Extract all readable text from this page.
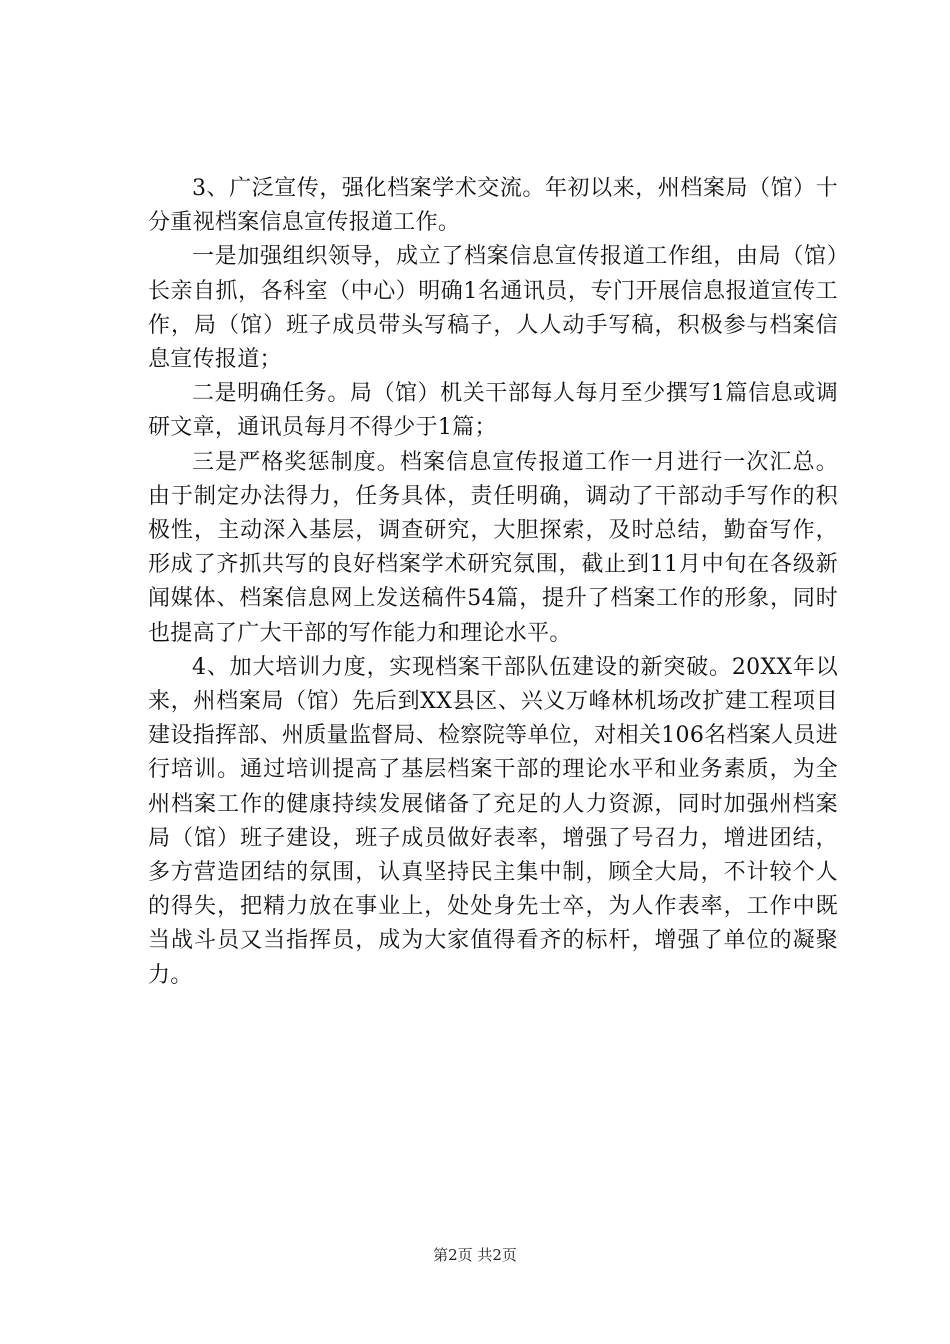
3、广泛宣传，强化档案学术交流。年初以来，州档案局（馆）十分重视档案信息宣传报道工作。

一是加强组织领导，成立了档案信息宣传报道工作组，由局（馆）长亲自抓，各科室（中心）明确1名通讯员，专门开展信息报道宣传工作，局（馆）班子成员带头写稿子，人人动手写稿，积极参与档案信息宣传报道；

二是明确任务。局（馆）机关干部每人每月至少撰写1篇信息或调研文章，通讯员每月不得少于1篇；

三是严格奖惩制度。档案信息宣传报道工作一月进行一次汇总。由于制定办法得力，任务具体，责任明确，调动了干部动手写作的积极性，主动深入基层，调查研究，大胆探索，及时总结，勤奋写作，形成了齐抓共写的良好档案学术研究氛围，截止到11月中旬在各级新闻媒体、档案信息网上发送稿件54篇，提升了档案工作的形象，同时也提高了广大干部的写作能力和理论水平。

4、加大培训力度，实现档案干部队伍建设的新突破。20XX年以来，州档案局（馆）先后到XX县区、兴义万峰林机场改扩建工程项目建设指挥部、州质量监督局、检察院等单位，对相关106名档案人员进行培训。通过培训提高了基层档案干部的理论水平和业务素质，为全州档案工作的健康持续发展储备了充足的人力资源，同时加强州档案局（馆）班子建设，班子成员做好表率，增强了号召力，增进团结，多方营造团结的氛围，认真坚持民主集中制，顾全大局，不计较个人的得失，把精力放在事业上，处处身先士卒，为人作表率，工作中既当战斗员又当指挥员，成为大家值得看齐的标杆，增强了单位的凝聚力。

第2页 共2页
